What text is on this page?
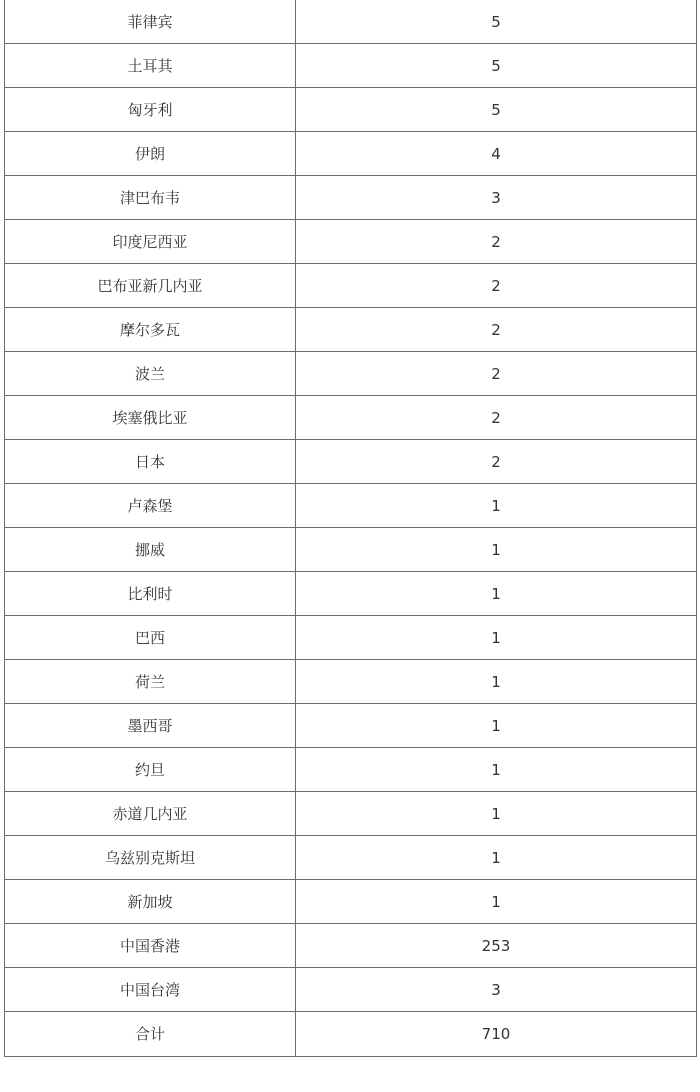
菲律宾	5
土耳其	5
匈牙利	5
伊朗	4
津巴布韦	3
印度尼西亚	2
巴布亚新几内亚	2
摩尔多瓦	2
波兰	2
埃塞俄比亚	2
日本	2
卢森堡	1
挪威	1
比利时	1
巴西	1
荷兰	1
墨西哥	1
约旦	1
赤道几内亚	1
乌兹别克斯坦	1
新加坡	1
中国香港	253
中国台湾	3
合计	710
